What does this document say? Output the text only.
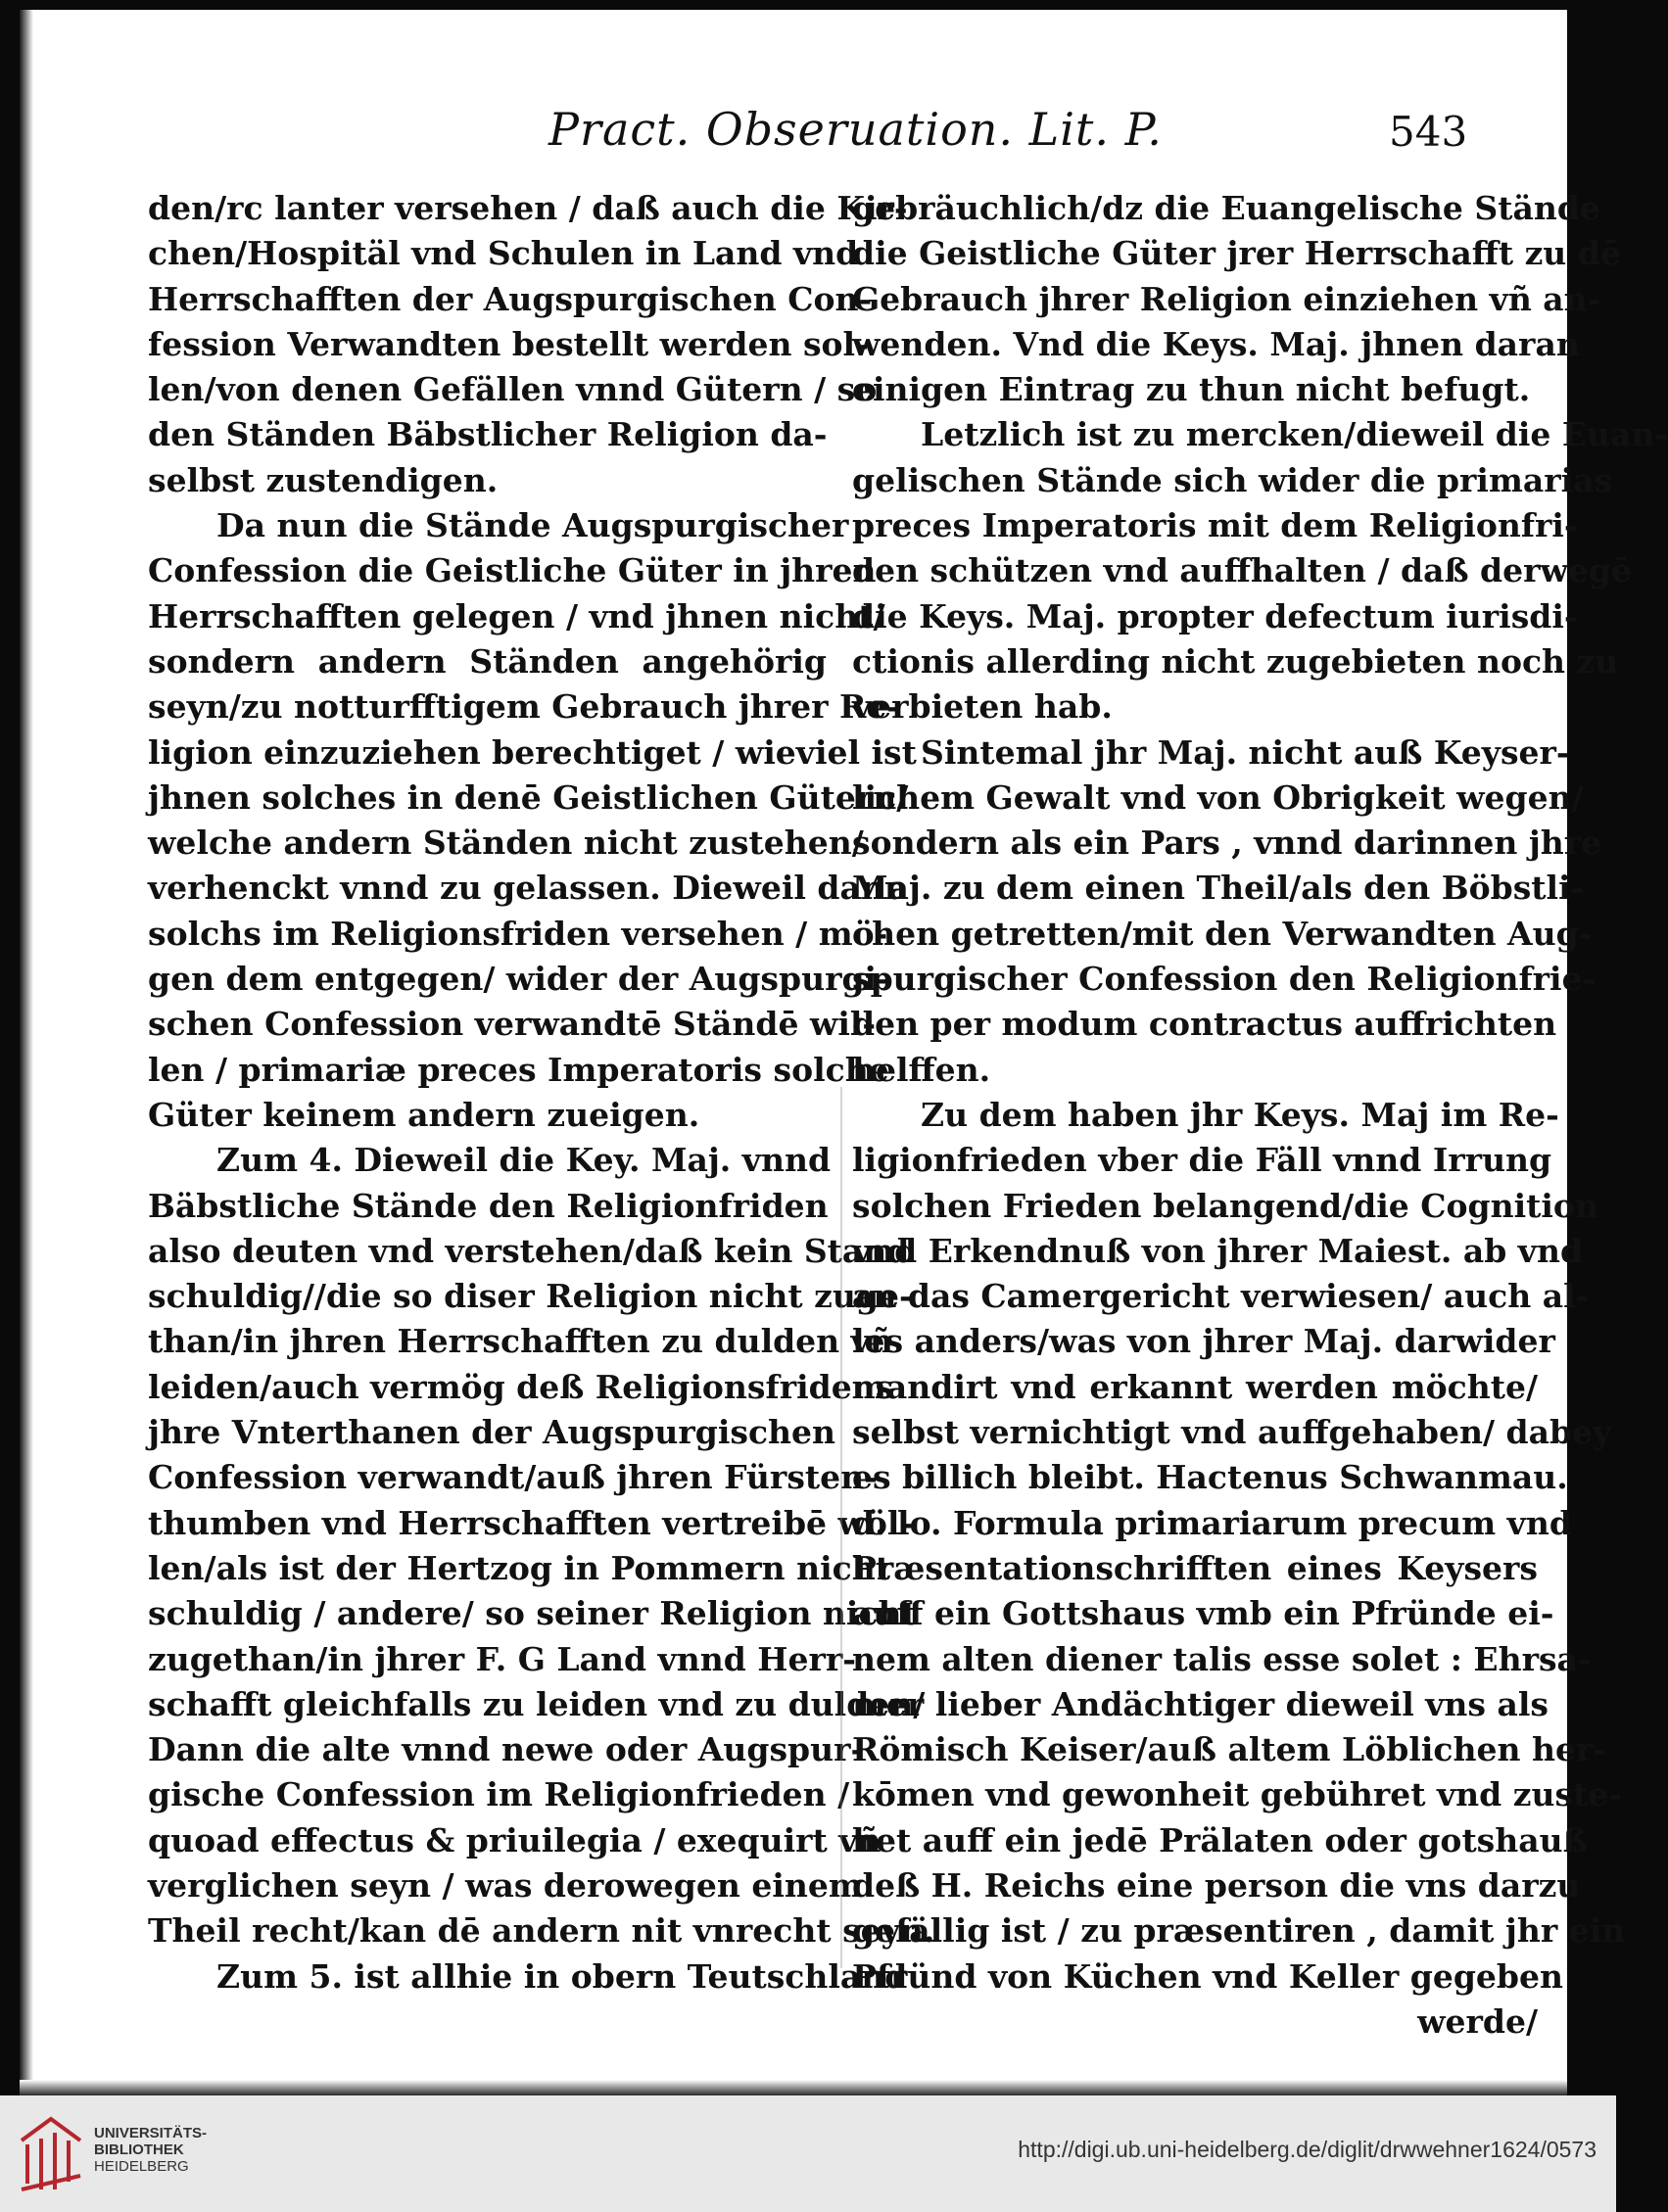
Pract. Obseruation. Lit. P.	543
den/rc lanter versehen / daß auch die Kir-
chen/Hospitäl vnd Schulen in Land vnd
Herrschafften der Augspurgischen Con-
fession Verwandten bestellt werden sol-
len/von denen Gefällen vnnd Gütern / so
den Ständen Bäbstlicher Religion da-
selbst zustendigen.
Da nun die Stände Augspurgischer
Confession die Geistliche Güter in jhren
Herrschafften gelegen / vnd jhnen nicht/
sondern andern Ständen angehörig
seyn/zu notturfftigem Gebrauch jhrer Re-
ligion einzuziehen berechtiget / wieviel ist
jhnen solches in denē Geistlichen Gütern/
welche andern Ständen nicht zustehen/
verhenckt vnnd zu gelassen. Dieweil dann
solchs im Religionsfriden versehen / mö-
gen dem entgegen/ wider der Augspurgi-
schen Confession verwandtē Ständē wil-
len / primariæ preces Imperatoris solche
Güter keinem andern zueigen.
Zum 4. Dieweil die Key. Maj. vnnd
Bäbstliche Stände den Religionfriden
also deuten vnd verstehen/daß kein Stand
schuldig//die so diser Religion nicht zuge-
than/in jhren Herrschafften zu dulden vñ
leiden/auch vermög deß Religionsfridens
jhre Vnterthanen der Augspurgischen
Confession verwandt/auß jhren Fürsten-
thumben vnd Herrschafften vertreibē wöl-
len/als ist der Hertzog in Pommern nicht
schuldig / andere/ so seiner Religion nicht
zugethan/in jhrer F. G Land vnnd Herr-
schafft gleichfalls zu leiden vnd zu dulden/
Dann die alte vnnd newe oder Augspur-
gische Confession im Religionfrieden /
quoad effectus & priuilegia / exequirt vñ
verglichen seyn / was derowegen einem
Theil recht/kan dē andern nit vnrecht seyn.
Zum 5. ist allhie in obern Teutschland
gebräuchlich/dz die Euangelische Stände
die Geistliche Güter jrer Herrschafft zu dē
Gebrauch jhrer Religion einziehen vñ an-
wenden. Vnd die Keys. Maj. jhnen daran
einigen Eintrag zu thun nicht befugt.
Letzlich ist zu mercken/dieweil die Euan-
gelischen Stände sich wider die primarias
preces Imperatoris mit dem Religionfri-
den schützen vnd auffhalten / daß derwegē
die Keys. Maj. propter defectum iurisdi-
ctionis allerding nicht zugebieten noch zu
verbieten hab.
Sintemal jhr Maj. nicht auß Keyser-
lichem Gewalt vnd von Obrigkeit wegen/
sondern als ein Pars , vnnd darinnen jhre
Maj. zu dem einen Theil/als den Böbstli-
chen getretten/mit den Verwandten Aug-
spurgischer Confession den Religionfrie-
den per modum contractus auffrichten
helffen.
Zu dem haben jhr Keys. Maj im Re-
ligionfrieden vber die Fäll vnnd Irrung
solchen Frieden belangend/die Cognition
vnd Erkendnuß von jhrer Maiest. ab vnd
an das Camergericht verwiesen/ auch al-
les anders/was von jhrer Maj. darwider
mandirt vnd erkannt werden möchte/
selbst vernichtigt vnd auffgehaben/ dabey
es billich bleibt. Hactenus Schwanmau.
d. lo. Formula primariarum precum vnd
Præsentationschrifften eines Keysers
auff ein Gottshaus vmb ein Pfründe ei-
nem alten diener talis esse solet : Ehrsa-
mer lieber Andächtiger dieweil vns als
Römisch Keiser/auß altem Löblichen her-
kōmen vnd gewonheit gebühret vnd zuste-
het auff ein jedē Prälaten oder gotshauß
deß H. Reichs eine person die vns darzu
gefällig ist / zu præsentiren , damit jhr ein
Pfründ von Küchen vnd Keller gegeben
werde/
UNIVERSITÄTS-
BIBLIOTHEK
HEIDELBERG
http://digi.ub.uni-heidelberg.de/diglit/drwwehner1624/0573
